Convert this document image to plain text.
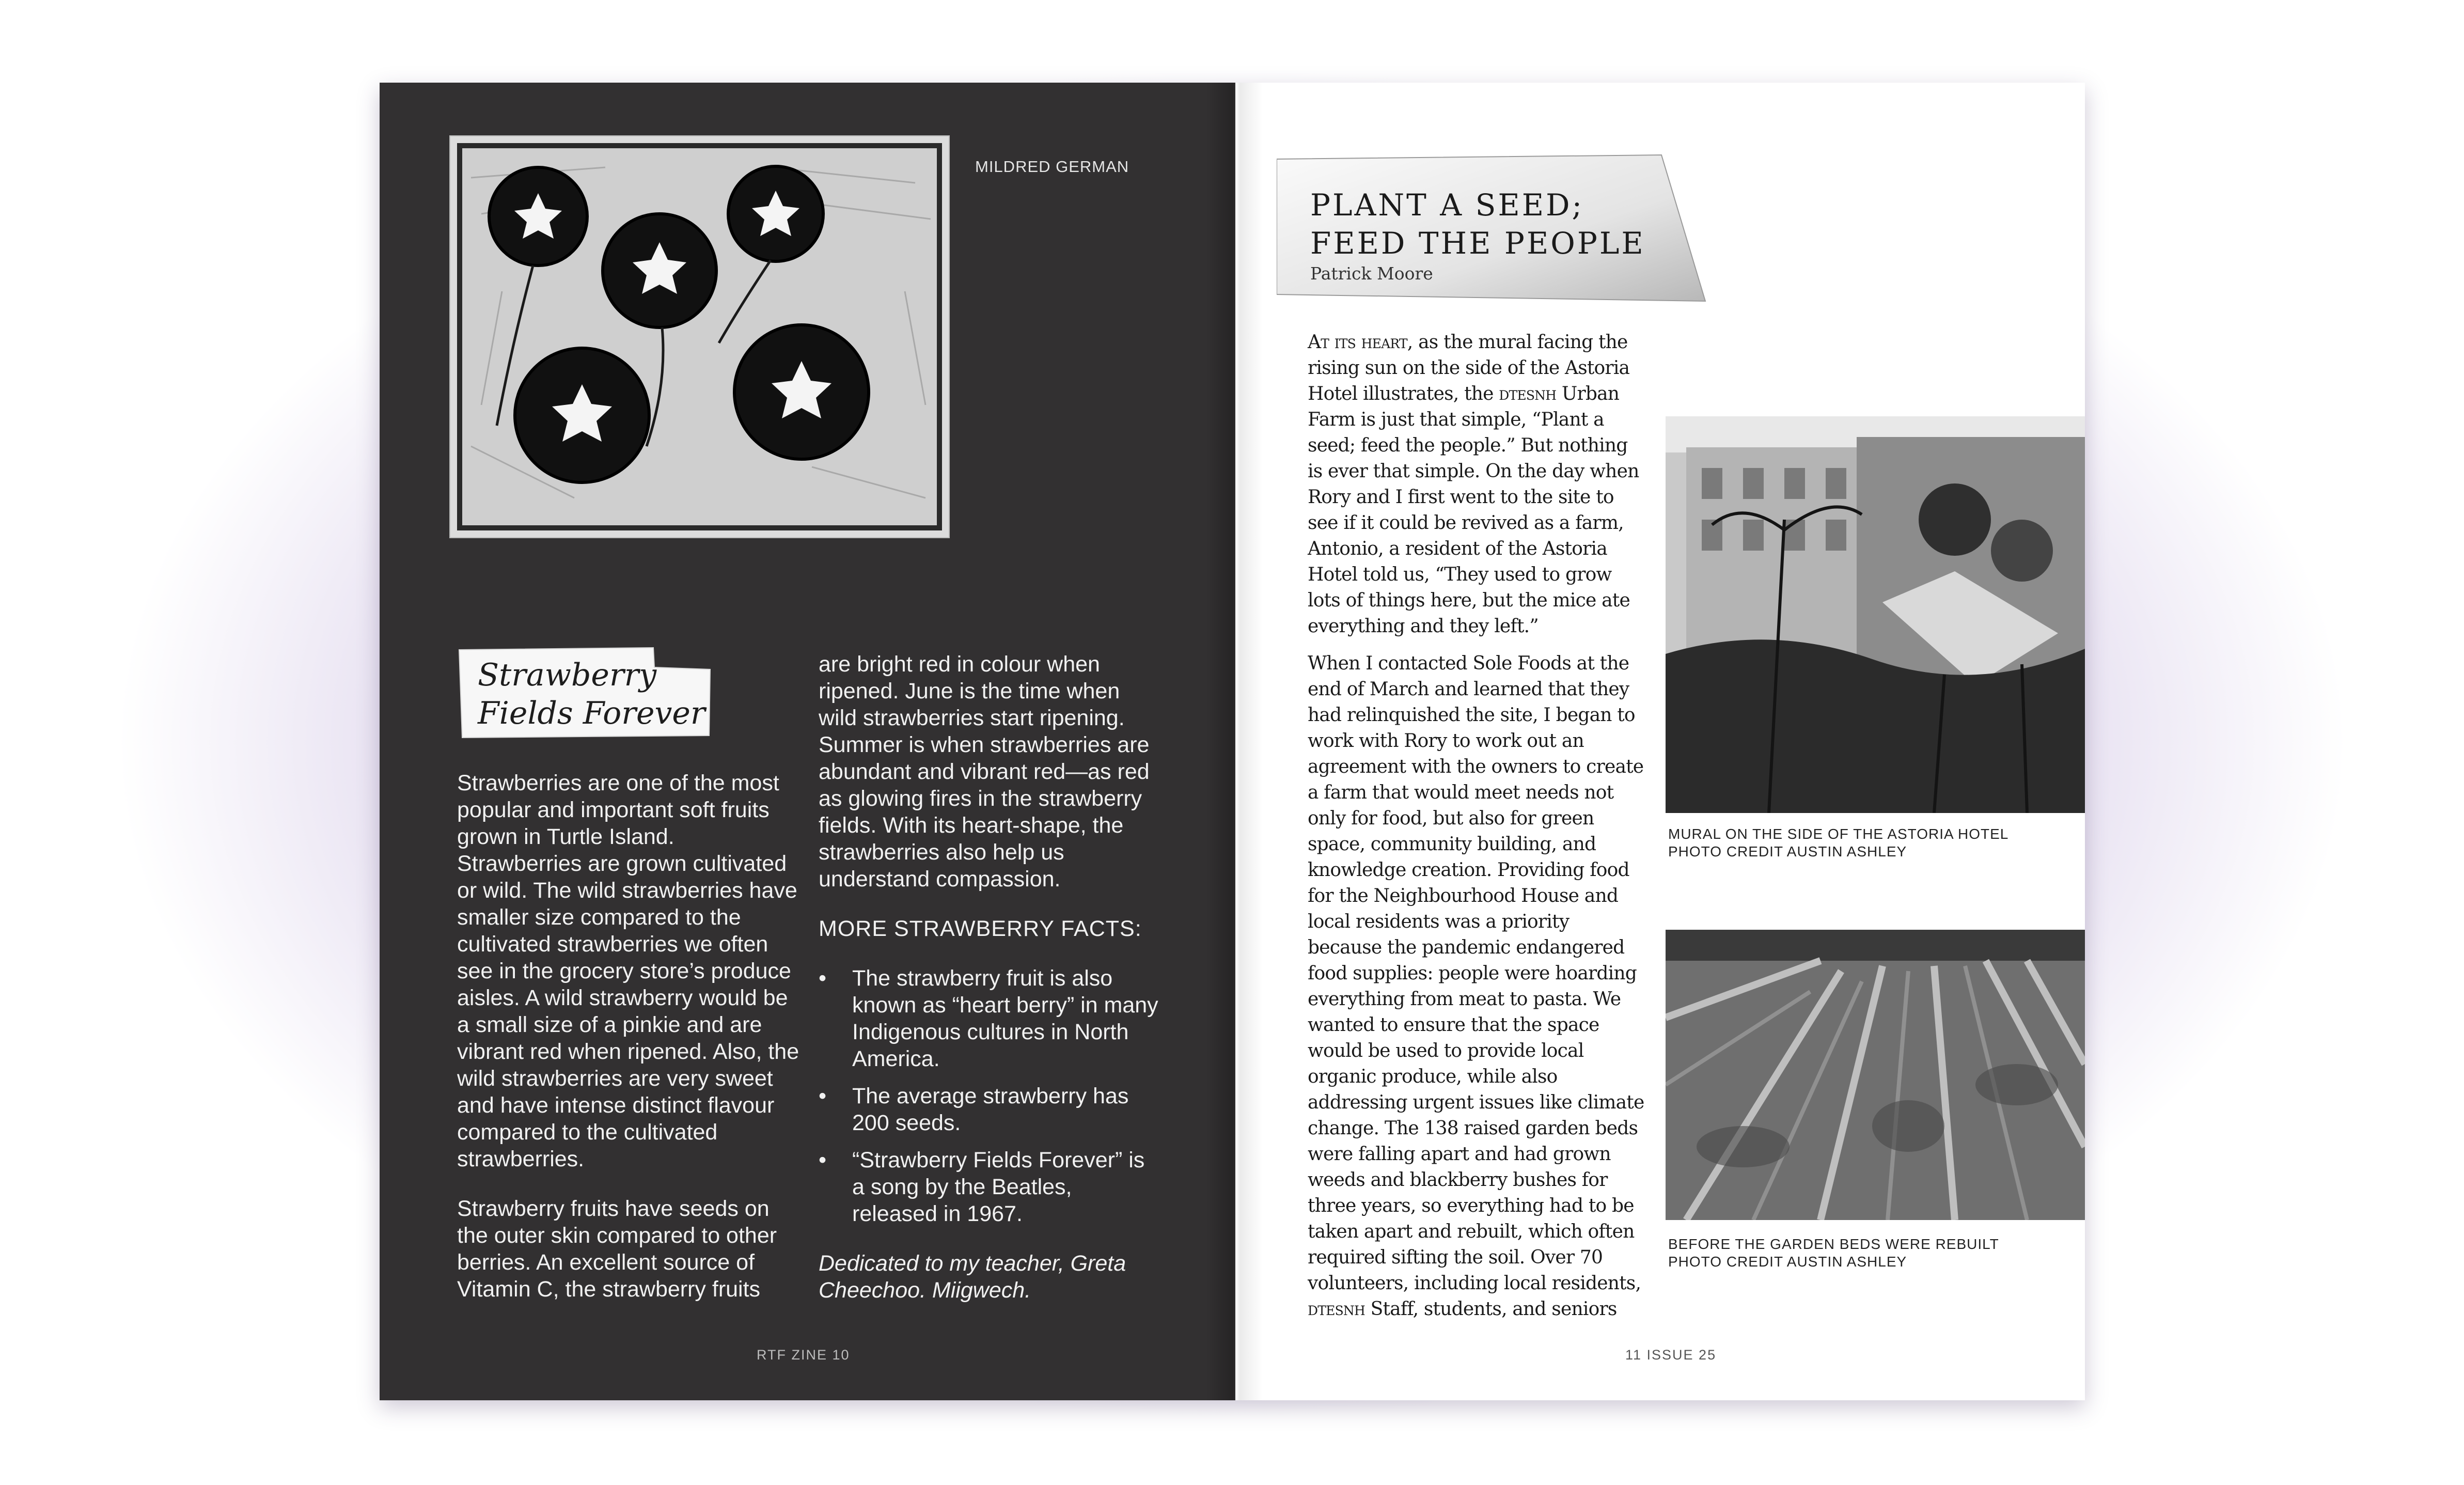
MILDRED GERMAN
Strawberry
Fields Forever

Strawberries are one of the most popular and important soft fruits grown in Turtle Island. Strawberries are grown cultivated or wild. The wild strawberries have smaller size compared to the cultivated strawberries we often see in the grocery store’s produce aisles. A wild strawberry would be a small size of a pinkie and are vibrant red when ripened. Also, the wild strawberries are very sweet and have intense distinct flavour compared to the cultivated strawberries.

Strawberry fruits have seeds on the outer skin compared to other berries. An excellent source of Vitamin C, the strawberry fruits

are bright red in colour when ripened. June is the time when wild strawberries start ripening. Summer is when strawberries are abundant and vibrant red—as red as glowing fires in the strawberry fields. With its heart-shape, the strawberries also help us understand compassion.

MORE STRAWBERRY FACTS:

• The strawberry fruit is also known as “heart berry” in many Indigenous cultures in North America.
• The average strawberry has 200 seeds.
• “Strawberry Fields Forever” is a song by the Beatles, released in 1967.

Dedicated to my teacher, Greta Cheechoo. Miigwech.

RTF ZINE 10
PLANT A SEED;
FEED THE PEOPLE
Patrick Moore

At its heart, as the mural facing the rising sun on the side of the Astoria Hotel illustrates, the dtesnh Urban Farm is just that simple, “Plant a seed; feed the people.” But nothing is ever that simple. On the day when Rory and I first went to the site to see if it could be revived as a farm, Antonio, a resident of the Astoria Hotel told us, “They used to grow lots of things here, but the mice ate everything and they left.”

When I contacted Sole Foods at the end of March and learned that they had relinquished the site, I began to work with Rory to work out an agreement with the owners to create a farm that would meet needs not only for food, but also for green space, community building, and knowledge creation. Providing food for the Neighbourhood House and local residents was a priority because the pandemic endangered food supplies: people were hoarding everything from meat to pasta. We wanted to ensure that the space would be used to provide local organic produce, while also addressing urgent issues like climate change. The 138 raised garden beds were falling apart and had grown weeds and blackberry bushes for three years, so everything had to be taken apart and rebuilt, which often required sifting the soil. Over 70 volunteers, including local residents, dtesnh Staff, students, and seniors

MURAL ON THE SIDE OF THE ASTORIA HOTEL
PHOTO CREDIT AUSTIN ASHLEY
BEFORE THE GARDEN BEDS WERE REBUILT
PHOTO CREDIT AUSTIN ASHLEY
11 ISSUE 25
